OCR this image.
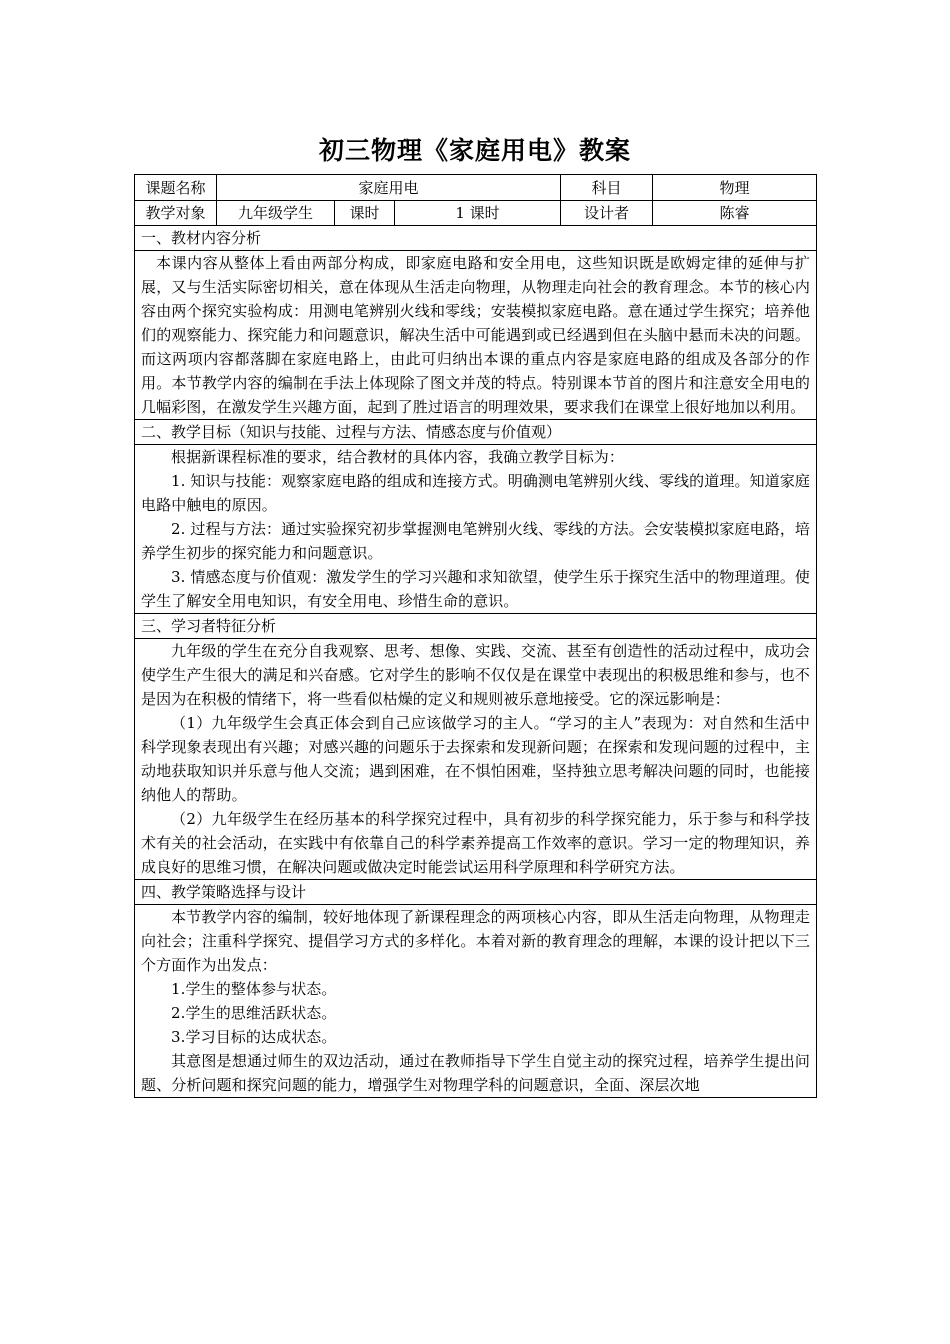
初三物理《家庭用电》教案
课题名称	家庭用电			科目	物理
教学对象	九年级学生	课时	1 课时	设计者	陈睿
一、教材内容分析					

本课内容从整体上看由两部分构成，即家庭电路和安全用电，这些知识既是欧姆定律的延伸与扩展，又与生活实际密切相关，意在体现从生活走向物理，从物理走向社会的教育理念。本节的核心内容由两个探究实验构成：用测电笔辨别火线和零线；安装模拟家庭电路。意在通过学生探究；培养他们的观察能力、探究能力和问题意识，解决生活中可能遇到或已经遇到但在头脑中悬而未决的问题。而这两项内容都落脚在家庭电路上，由此可归纳出本课的重点内容是家庭电路的组成及各部分的作用。本节教学内容的编制在手法上体现除了图文并茂的特点。特别课本节首的图片和注意安全用电的几幅彩图，在激发学生兴趣方面，起到了胜过语言的明理效果，要求我们在课堂上很好地加以利用。					

二、教学目标（知识与技能、过程与方法、情感态度与价值观）					

根据新课程标准的要求，结合教材的具体内容，我确立教学目标为：

1. 知识与技能：观察家庭电路的组成和连接方式。明确测电笔辨别火线、零线的道理。知道家庭电路中触电的原因。

2. 过程与方法：通过实验探究初步掌握测电笔辨别火线、零线的方法。会安装模拟家庭电路，培养学生初步的探究能力和问题意识。

3. 情感态度与价值观：激发学生的学习兴趣和求知欲望，使学生乐于探究生活中的物理道理。使学生了解安全用电知识，有安全用电、珍惜生命的意识。					

三、学习者特征分析					

九年级的学生在充分自我观察、思考、想像、实践、交流、甚至有创造性的活动过程中，成功会使学生产生很大的满足和兴奋感。它对学生的影响不仅仅是在课堂中表现出的积极思维和参与，也不是因为在积极的情绪下，将一些看似枯燥的定义和规则被乐意地接受。它的深远影响是：

（1）九年级学生会真正体会到自己应该做学习的主人。“学习的主人”表现为：对自然和生活中科学现象表现出有兴趣；对感兴趣的问题乐于去探索和发现新问题；在探索和发现问题的过程中，主动地获取知识并乐意与他人交流；遇到困难，在不惧怕困难，坚持独立思考解决问题的同时，也能接纳他人的帮助。

（2）九年级学生在经历基本的科学探究过程中，具有初步的科学探究能力，乐于参与和科学技术有关的社会活动，在实践中有依靠自己的科学素养提高工作效率的意识。学习一定的物理知识，养成良好的思维习惯，在解决问题或做决定时能尝试运用科学原理和科学研究方法。					

四、教学策略选择与设计					

本节教学内容的编制，较好地体现了新课程理念的两项核心内容，即从生活走向物理，从物理走向社会；注重科学探究、提倡学习方式的多样化。本着对新的教育理念的理解，本课的设计把以下三个方面作为出发点：

1.学生的整体参与状态。

2.学生的思维活跃状态。

3.学习目标的达成状态。

其意图是想通过师生的双边活动，通过在教师指导下学生自觉主动的探究过程，培养学生提出问题、分析问题和探究问题的能力，增强学生对物理学科的问题意识，全面、深层次地					
